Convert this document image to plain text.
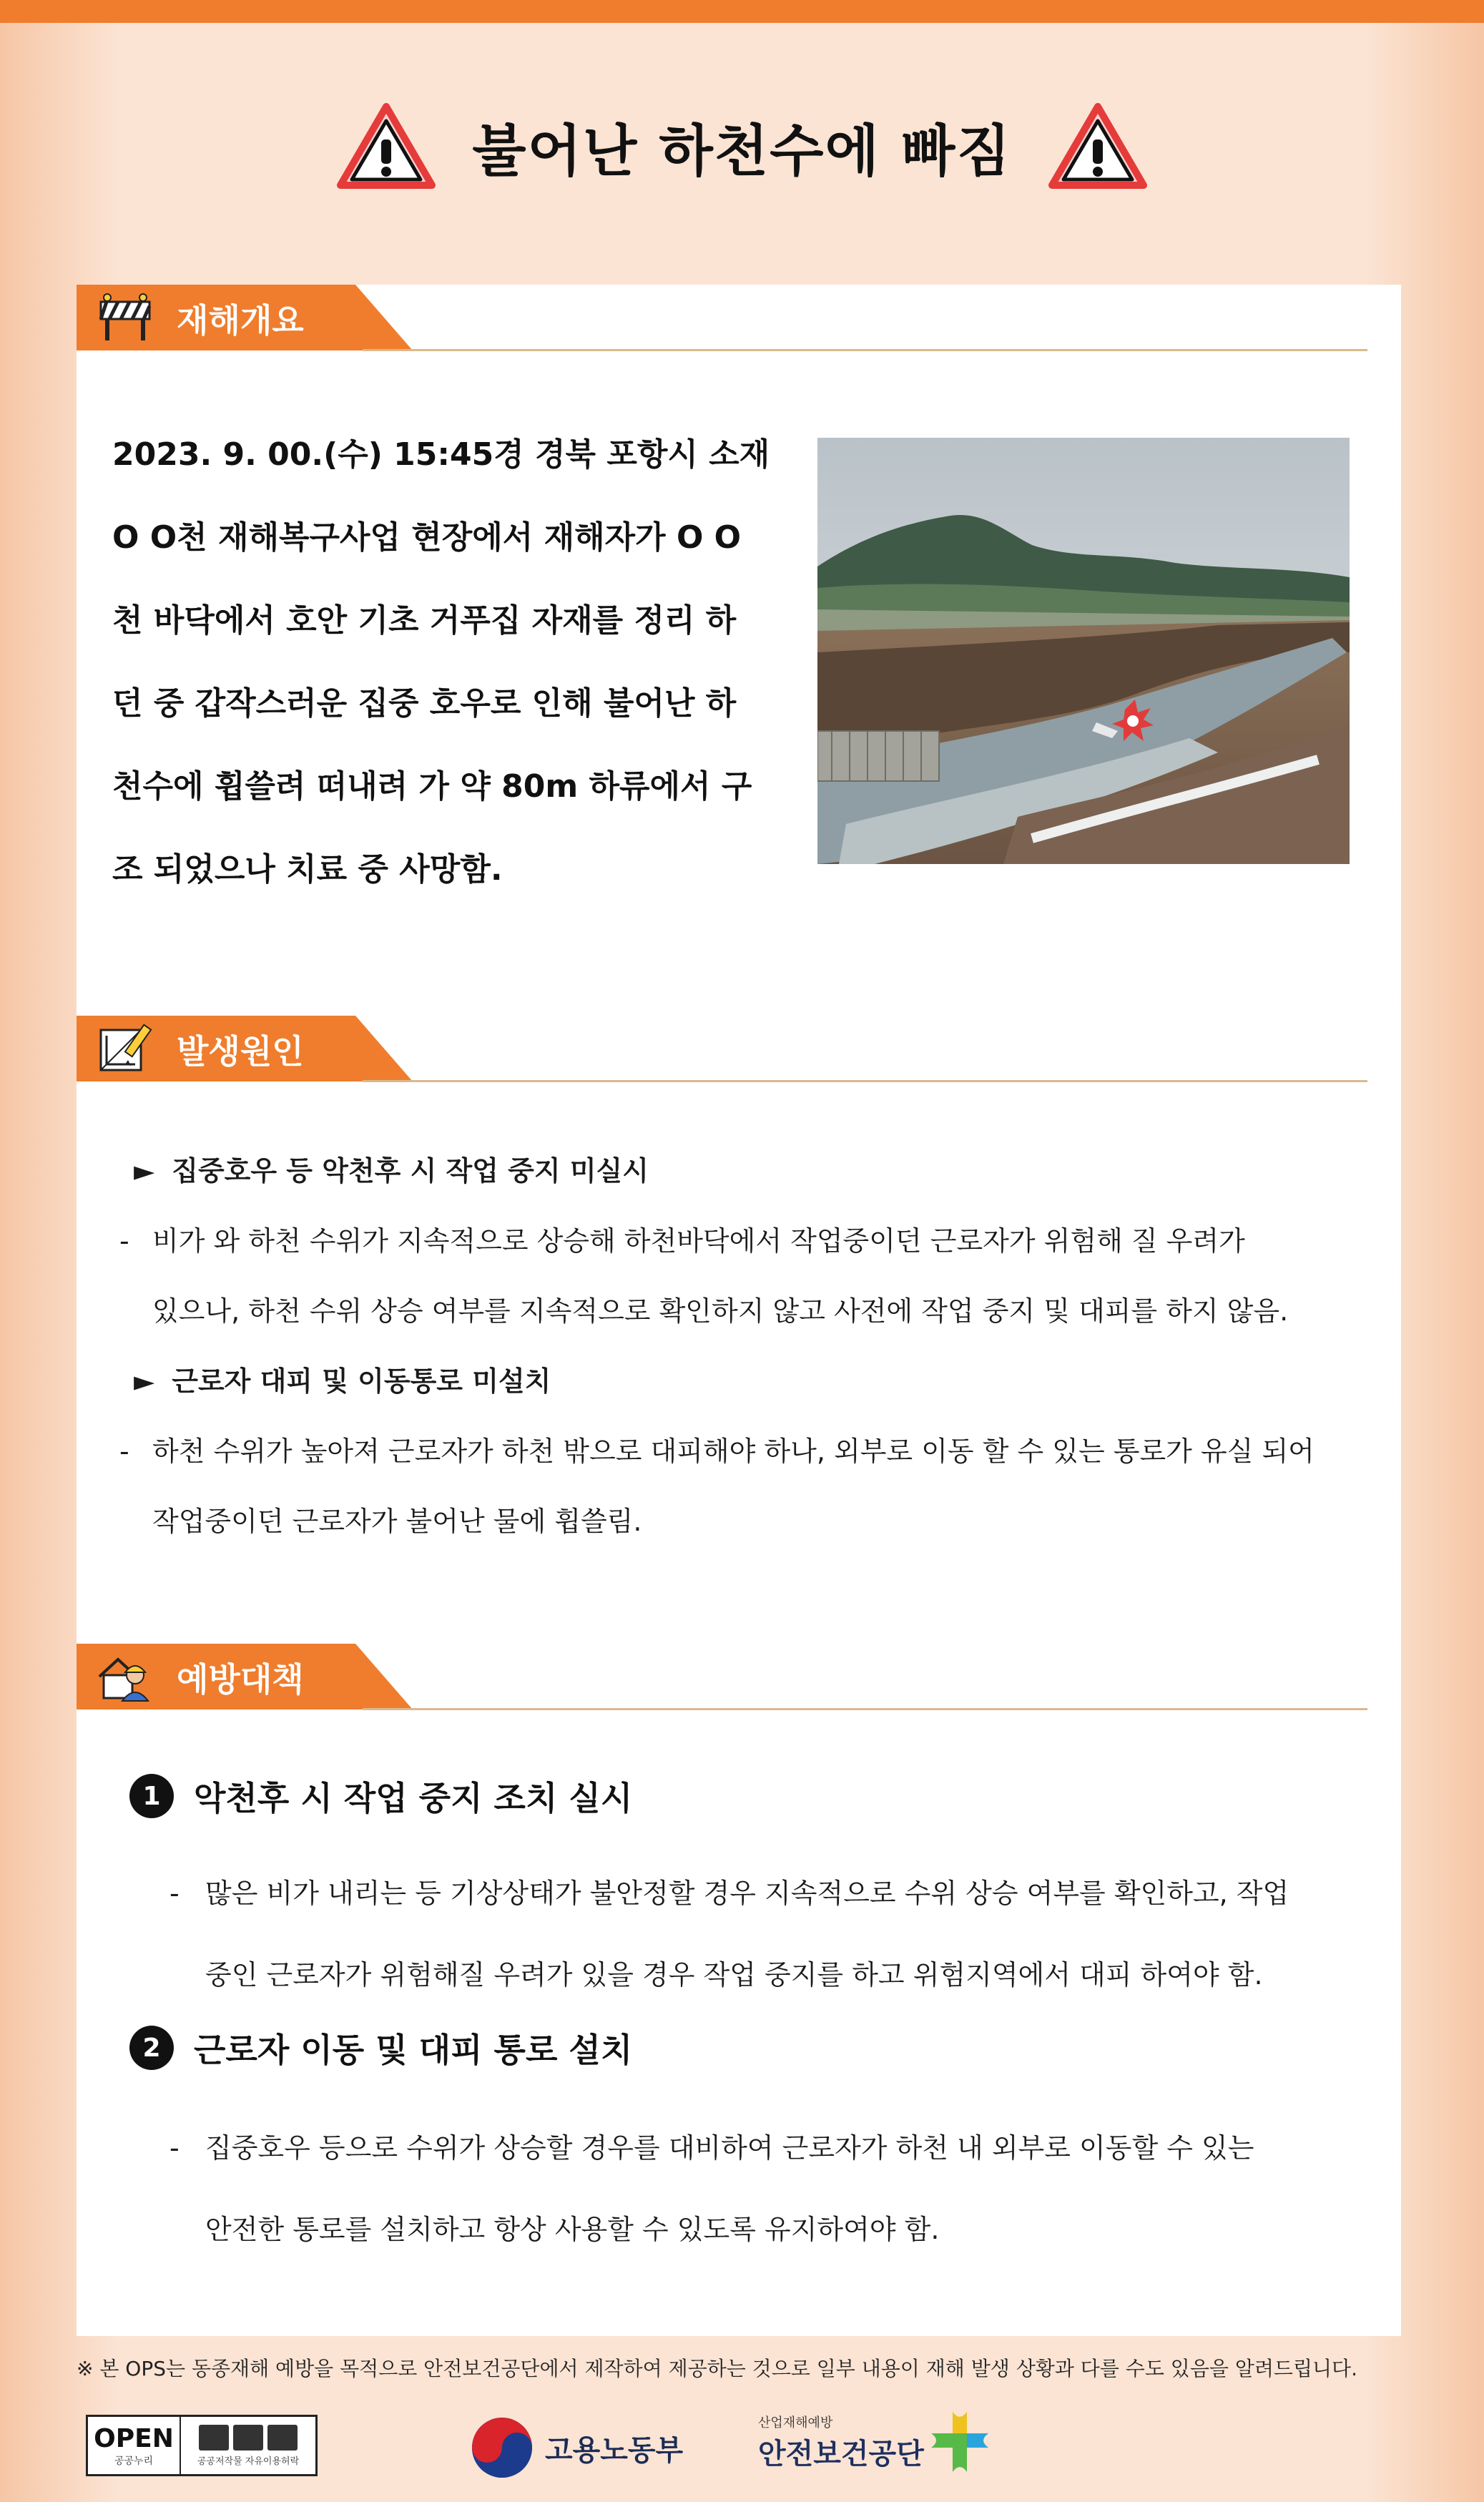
불어난 하천수에 빠짐
재해개요
2023. 9. 00.(수) 15:45경 경북 포항시 소재
O O천 재해복구사업 현장에서 재해자가 O O
천 바닥에서 호안 기초 거푸집 자재를 정리 하
던 중 갑작스러운 집중 호우로 인해 불어난 하
천수에 휩쓸려 떠내려 가 약 80m 하류에서 구
조 되었으나 치료 중 사망함.
발생원인
► 집중호우 등 악천후 시 작업 중지 미실시
- 비가 와 하천 수위가 지속적으로 상승해 하천바닥에서 작업중이던 근로자가 위험해 질 우려가
있으나, 하천 수위 상승 여부를 지속적으로 확인하지 않고 사전에 작업 중지 및 대피를 하지 않음.
► 근로자 대피 및 이동통로 미설치
- 하천 수위가 높아져 근로자가 하천 밖으로 대피해야 하나, 외부로 이동 할 수 있는 통로가 유실 되어
작업중이던 근로자가 불어난 물에 휩쓸림.
예방대책
1	악천후 시 작업 중지 조치 실시
- 많은 비가 내리는 등 기상상태가 불안정할 경우 지속적으로 수위 상승 여부를 확인하고, 작업
중인 근로자가 위험해질 우려가 있을 경우 작업 중지를 하고 위험지역에서 대피 하여야 함.
2	근로자 이동 및 대피 통로 설치
- 집중호우 등으로 수위가 상승할 경우를 대비하여 근로자가 하천 내 외부로 이동할 수 있는
안전한 통로를 설치하고 항상 사용할 수 있도록 유지하여야 함.
※ 본 OPS는 동종재해 예방을 목적으로 안전보건공단에서 제작하여 제공하는 것으로 일부 내용이 재해 발생 상황과 다를 수도 있음을 알려드립니다.
OPEN
공공누리	공공저작물 자유이용허락	고용노동부
산업재해예방
안전보건공단
